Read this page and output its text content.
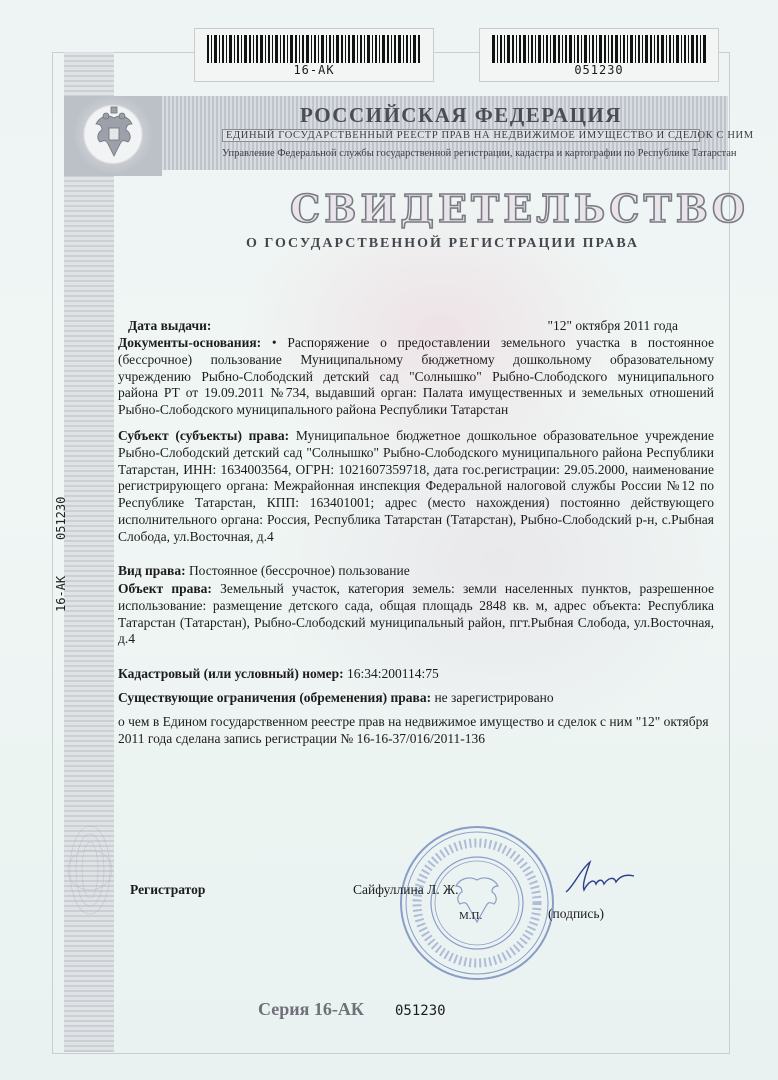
16-АК	051230
РОССИЙСКАЯ ФЕДЕРАЦИЯ
ЕДИНЫЙ ГОСУДАРСТВЕННЫЙ РЕЕСТР ПРАВ НА НЕДВИЖИМОЕ ИМУЩЕСТВО И СДЕЛОК С НИМ
Управление Федеральной службы государственной регистрации, кадастра и картографии по Республике Татарстан
СВИДЕТЕЛЬСТВО
О ГОСУДАРСТВЕННОЙ РЕГИСТРАЦИИ ПРАВА
051230
16-АК
Дата выдачи:	"12" октября 2011 года
Документы-основания: • Распоряжение о предоставлении земельного участка в постоянное (бессрочное) пользование Муниципальному бюджетному дошкольному образовательному учреждению Рыбно-Слободский детский сад "Солнышко" Рыбно-Слободского муниципального района РТ от 19.09.2011 №734, выдавший орган: Палата имущественных и земельных отношений Рыбно-Слободского муниципального района Республики Татарстан
Субъект (субъекты) права: Муниципальное бюджетное дошкольное образовательное учреждение Рыбно-Слободский детский сад "Солнышко" Рыбно-Слободского муниципального района Республики Татарстан, ИНН: 1634003564, ОГРН: 1021607359718, дата гос.регистрации: 29.05.2000, наименование регистрирующего органа: Межрайонная инспекция Федеральной налоговой службы России №12 по Республике Татарстан, КПП: 163401001; адрес (место нахождения) постоянно действующего исполнительного органа: Россия, Республика Татарстан (Татарстан), Рыбно-Слободский р-н, с.Рыбная Слобода, ул.Восточная, д.4
Вид права: Постоянное (бессрочное) пользование
Объект права: Земельный участок, категория земель: земли населенных пунктов, разрешенное использование: размещение детского сада, общая площадь 2848 кв. м, адрес объекта: Республика Татарстан (Татарстан), Рыбно-Слободский муниципальный район, пгт.Рыбная Слобода, ул.Восточная, д.4
Кадастровый (или условный) номер: 16:34:200114:75
Существующие ограничения (обременения) права: не зарегистрировано
о чем в Едином государственном реестре прав на недвижимое имущество и сделок с ним "12" октября 2011 года сделана запись регистрации № 16-16-37/016/2011-136
Регистратор	Сайфуллина Л. Ж.
М.П.	(подпись)
Серия 16-АК 051230
